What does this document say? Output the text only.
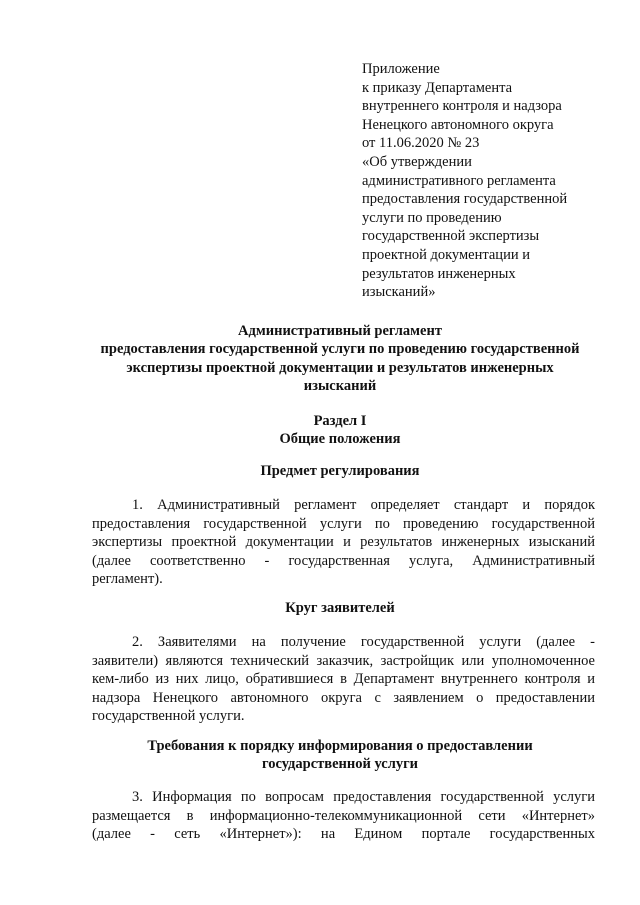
Приложение
к приказу Департамента
внутреннего контроля и надзора
Ненецкого автономного округа
от 11.06.2020 № 23
«Об утверждении
административного регламента
предоставления государственной
услуги по проведению
государственной экспертизы
проектной документации и
результатов инженерных
изысканий»
Административный регламент
предоставления государственной услуги по проведению государственной
экспертизы проектной документации и результатов инженерных
изысканий
Раздел I
Общие положения
Предмет регулирования
1. Административный регламент определяет стандарт и порядок
предоставления государственной услуги по проведению государственной
экспертизы проектной документации и результатов инженерных изысканий
(далее соответственно - государственная услуга, Административный
регламент).
Круг заявителей
2. Заявителями на получение государственной услуги (далее -
заявители) являются технический заказчик, застройщик или уполномоченное
кем-либо из них лицо, обратившиеся в Департамент внутреннего контроля и
надзора Ненецкого автономного округа с заявлением о предоставлении
государственной услуги.
Требования к порядку информирования о предоставлении
государственной услуги
3. Информация по вопросам предоставления государственной услуги
размещается в информационно-телекоммуникационной сети «Интернет»
(далее - сеть «Интернет»): на Едином портале государственных
